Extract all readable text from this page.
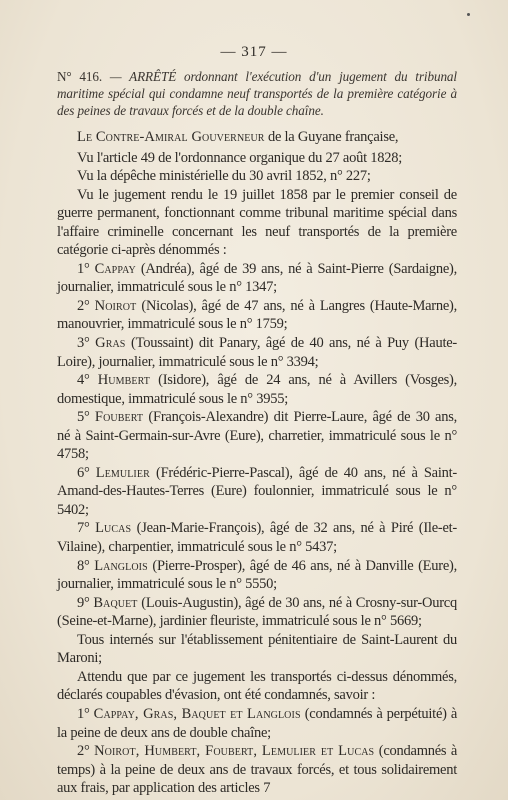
— 317 —

N° 416. — ARRÊTÉ ordonnant l'exécution d'un jugement du tribunal maritime spécial qui condamne neuf transportés de la première catégorie à des peines de travaux forcés et de la double chaîne.

Le Contre-Amiral Gouverneur de la Guyane française,

Vu l'article 49 de l'ordonnance organique du 27 août 1828;

Vu la dépêche ministérielle du 30 avril 1852, n° 227;

Vu le jugement rendu le 19 juillet 1858 par le premier conseil de guerre permanent, fonctionnant comme tribunal maritime spécial dans l'affaire criminelle concernant les neuf transportés de la première catégorie ci-après dénommés :

1° Cappay (Andréa), âgé de 39 ans, né à Saint-Pierre (Sardaigne), journalier, immatriculé sous le n° 1347;

2° Noirot (Nicolas), âgé de 47 ans, né à Langres (Haute-Marne), manouvrier, immatriculé sous le n° 1759;

3° Gras (Toussaint) dit Panary, âgé de 40 ans, né à Puy (Haute-Loire), journalier, immatriculé sous le n° 3394;

4° Humbert (Isidore), âgé de 24 ans, né à Avillers (Vosges), domestique, immatriculé sous le n° 3955;

5° Foubert (François-Alexandre) dit Pierre-Laure, âgé de 30 ans, né à Saint-Germain-sur-Avre (Eure), charretier, immatriculé sous le n° 4758;

6° Lemulier (Frédéric-Pierre-Pascal), âgé de 40 ans, né à Saint-Amand-des-Hautes-Terres (Eure) foulonnier, immatriculé sous le n° 5402;

7° Lucas (Jean-Marie-François), âgé de 32 ans, né à Piré (Ile-et-Vilaine), charpentier, immatriculé sous le n° 5437;

8° Langlois (Pierre-Prosper), âgé de 46 ans, né à Danville (Eure), journalier, immatriculé sous le n° 5550;

9° Baquet (Louis-Augustin), âgé de 30 ans, né à Crosny-sur-Ourcq (Seine-et-Marne), jardinier fleuriste, immatriculé sous le n° 5669;

Tous internés sur l'établissement pénitentiaire de Saint-Laurent du Maroni;

Attendu que par ce jugement les transportés ci-dessus dénommés, déclarés coupables d'évasion, ont été condamnés, savoir :

1° Cappay, Gras, Baquet et Langlois (condamnés à perpétuité) à la peine de deux ans de double chaîne;

2° Noirot, Humbert, Foubert, Lemulier et Lucas (condamnés à temps) à la peine de deux ans de travaux forcés, et tous solidairement aux frais, par application des articles 7
